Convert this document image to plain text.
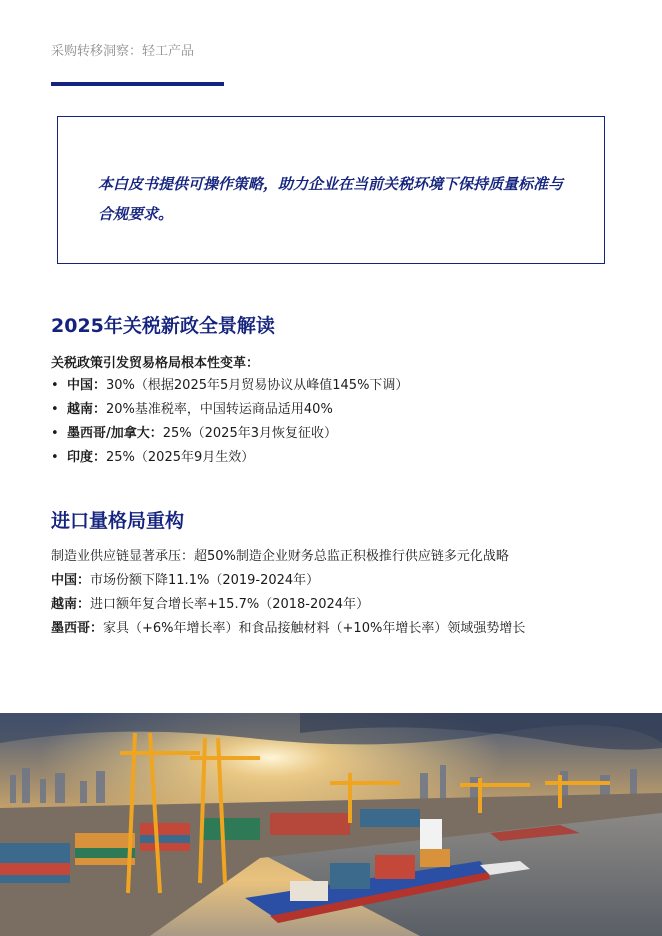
采购转移洞察：轻工产品
本白皮书提供可操作策略，助力企业在当前关税环境下保持质量标准与合规要求。
2025年关税新政全景解读
关税政策引发贸易格局根本性变革：
• 中国：30%（根据2025年5月贸易协议从峰值145%下调）
• 越南：20%基准税率，中国转运商品适用40%
• 墨西哥/加拿大：25%（2025年3月恢复征收）
• 印度：25%（2025年9月生效）
进口量格局重构
制造业供应链显著承压：超50%制造企业财务总监正积极推行供应链多元化战略
中国：市场份额下降11.1%（2019-2024年）
越南：进口额年复合增长率+15.7%（2018-2024年）
墨西哥：家具（+6%年增长率）和食品接触材料（+10%年增长率）领域强势增长
